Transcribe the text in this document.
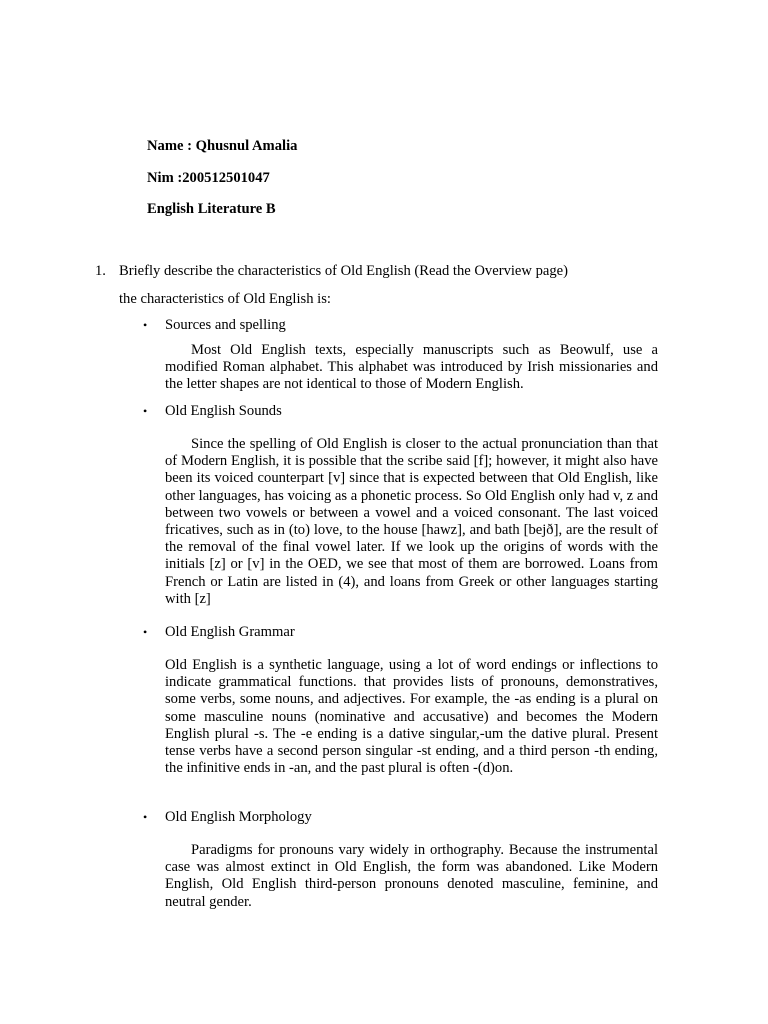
Name : Qhusnul Amalia
Nim :200512501047
English Literature B
1. Briefly describe the characteristics of Old English (Read the Overview page)
the characteristics of Old English is:
• Sources and spelling
Most Old English texts, especially manuscripts such as Beowulf, use a modified Roman alphabet. This alphabet was introduced by Irish missionaries and the letter shapes are not identical to those of Modern English.
• Old English Sounds
Since the spelling of Old English is closer to the actual pronunciation than that of Modern English, it is possible that the scribe said [f]; however, it might also have been its voiced counterpart [v] since that is expected between that Old English, like other languages, has voicing as a phonetic process. So Old English only had v, z and between two vowels or between a vowel and a voiced consonant. The last voiced fricatives, such as in (to) love, to the house [hawz], and bath [bejð], are the result of the removal of the final vowel later. If we look up the origins of words with the initials [z] or [v] in the OED, we see that most of them are borrowed. Loans from French or Latin are listed in (4), and loans from Greek or other languages starting with [z]
• Old English Grammar
Old English is a synthetic language, using a lot of word endings or inflections to indicate grammatical functions. that provides lists of pronouns, demonstratives, some verbs, some nouns, and adjectives. For example, the -as ending is a plural on some masculine nouns (nominative and accusative) and becomes the Modern English plural -s. The -e ending is a dative singular,-um the dative plural. Present tense verbs have a second person singular -st ending, and a third person -th ending, the infinitive ends in -an, and the past plural is often -(d)on.
• Old English Morphology
Paradigms for pronouns vary widely in orthography. Because the instrumental case was almost extinct in Old English, the form was abandoned. Like Modern English, Old English third-person pronouns denoted masculine, feminine, and neutral gender.
